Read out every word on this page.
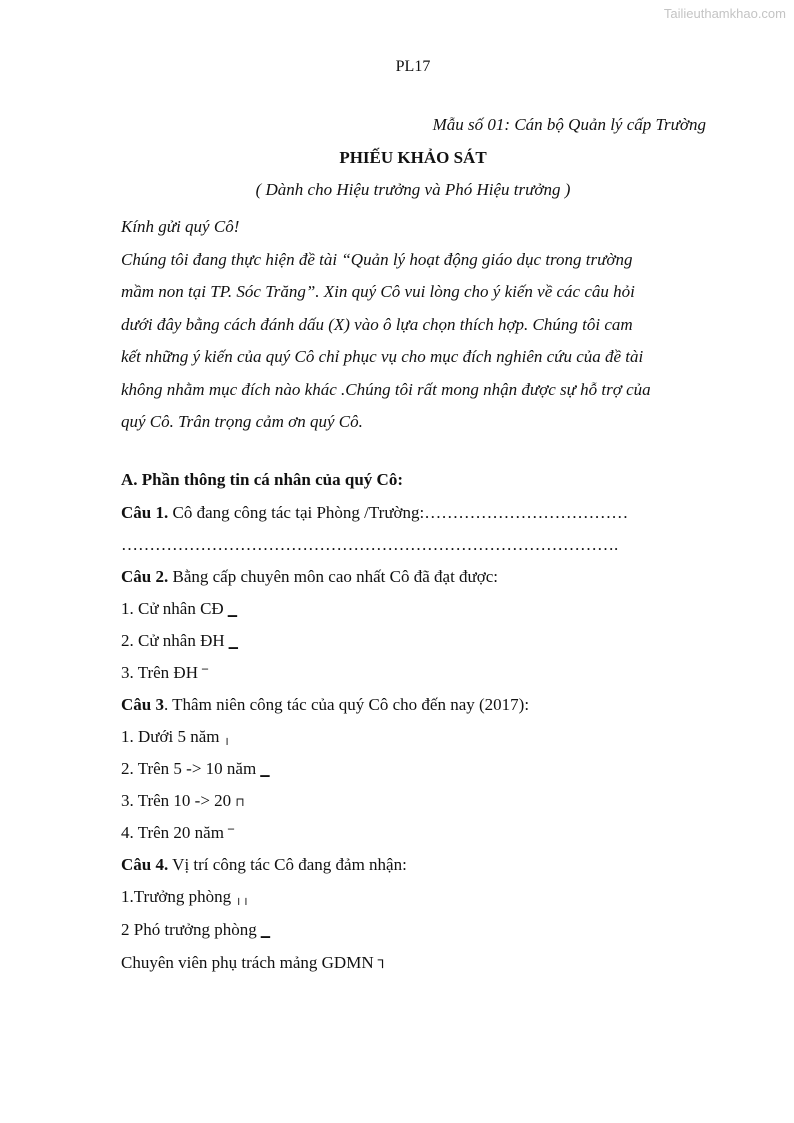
Tailieuthamkhao.com
PL17
Mẫu số 01: Cán bộ Quản lý cấp Trường
PHIẾU KHẢO SÁT
( Dành cho Hiệu trưởng và Phó Hiệu trưởng )

Kính gửi quý Cô!

Chúng tôi đang thực hiện đề tài “Quản lý hoạt động giáo dục trong trường

mầm non tại TP. Sóc Trăng”. Xin quý Cô vui lòng cho ý kiến về các câu hỏi

dưới đây bằng cách đánh dấu (X) vào ô lựa chọn thích hợp. Chúng tôi cam

kết những ý kiến của quý Cô chỉ phục vụ cho mục đích nghiên cứu của đề tài

không nhằm mục đích nào khác .Chúng tôi rất mong nhận được sự hỗ trợ của

quý Cô. Trân trọng cảm ơn quý Cô.

A. Phần thông tin cá nhân của quý Cô:
Câu 1. Cô đang công tác tại Phòng /Trường:………………………………
…………………………………………………………………………….
Câu 2. Bằng cấp chuyên môn cao nhất Cô đã đạt được:
1. Cử nhân CĐ ▁
2. Cử nhân ĐH ▁
3. Trên ĐH ‾
Câu 3. Thâm niên công tác của quý Cô cho đến nay (2017):
1. Dưới 5 năm ╷
2. Trên 5 -> 10 năm ▁
3. Trên 10 -> 20 ⊓
4. Trên 20 năm ‾
Câu 4. Vị trí công tác Cô đang đảm nhận:
1.Trưởng phòng ╷╷
2 Phó trưởng phòng ▁
Chuyên viên phụ trách mảng GDMN ⅂
